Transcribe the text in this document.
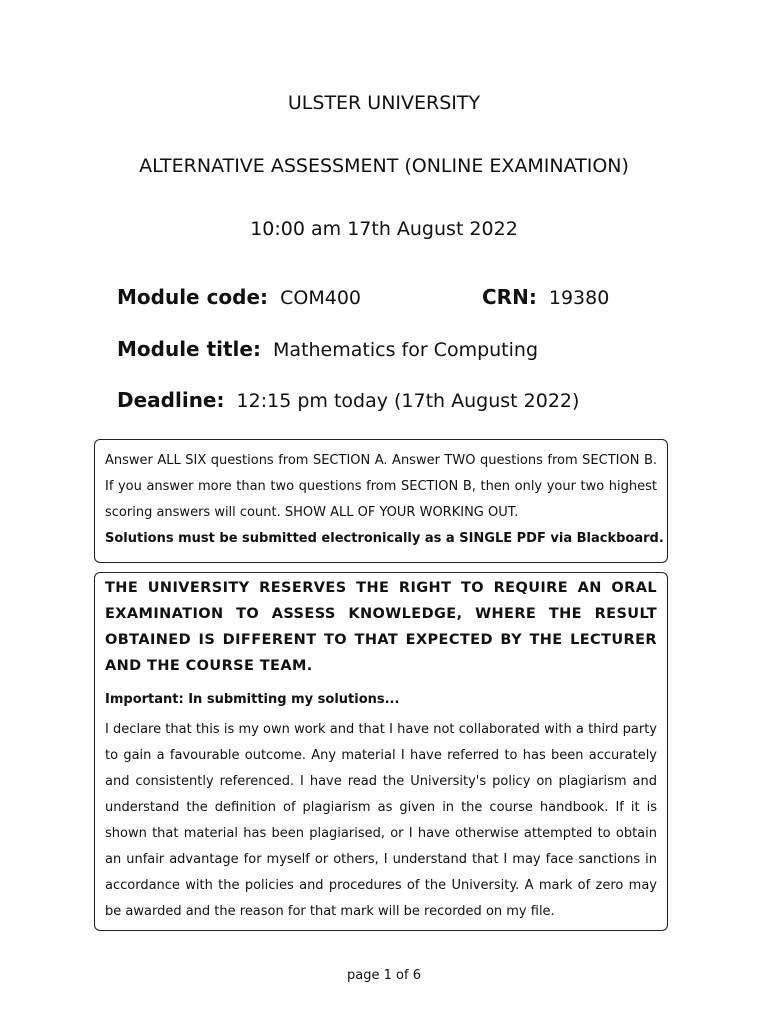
ULSTER UNIVERSITY
ALTERNATIVE ASSESSMENT (ONLINE EXAMINATION)
10:00 am 17th August 2022
Module code: COM400	CRN: 19380
Module title: Mathematics for Computing
Deadline: 12:15 pm today (17th August 2022)

Answer ALL SIX questions from SECTION A. Answer TWO questions from SECTION B. If you answer more than two questions from SECTION B, then only your two highest scoring answers will count. SHOW ALL OF YOUR WORKING OUT.

Solutions must be submitted electronically as a SINGLE PDF via Blackboard.

THE UNIVERSITY RESERVES THE RIGHT TO REQUIRE AN ORAL EXAMINATION TO ASSESS KNOWLEDGE, WHERE THE RESULT OBTAINED IS DIFFERENT TO THAT EXPECTED BY THE LECTURER AND THE COURSE TEAM.

Important: In submitting my solutions...

I declare that this is my own work and that I have not collaborated with a third party to gain a favourable outcome. Any material I have referred to has been accurately and consistently referenced. I have read the University's policy on plagiarism and understand the definition of plagiarism as given in the course handbook. If it is shown that material has been plagiarised, or I have otherwise attempted to obtain an unfair advantage for myself or others, I understand that I may face sanctions in accordance with the policies and procedures of the University. A mark of zero may be awarded and the reason for that mark will be recorded on my file.

page 1 of 6
